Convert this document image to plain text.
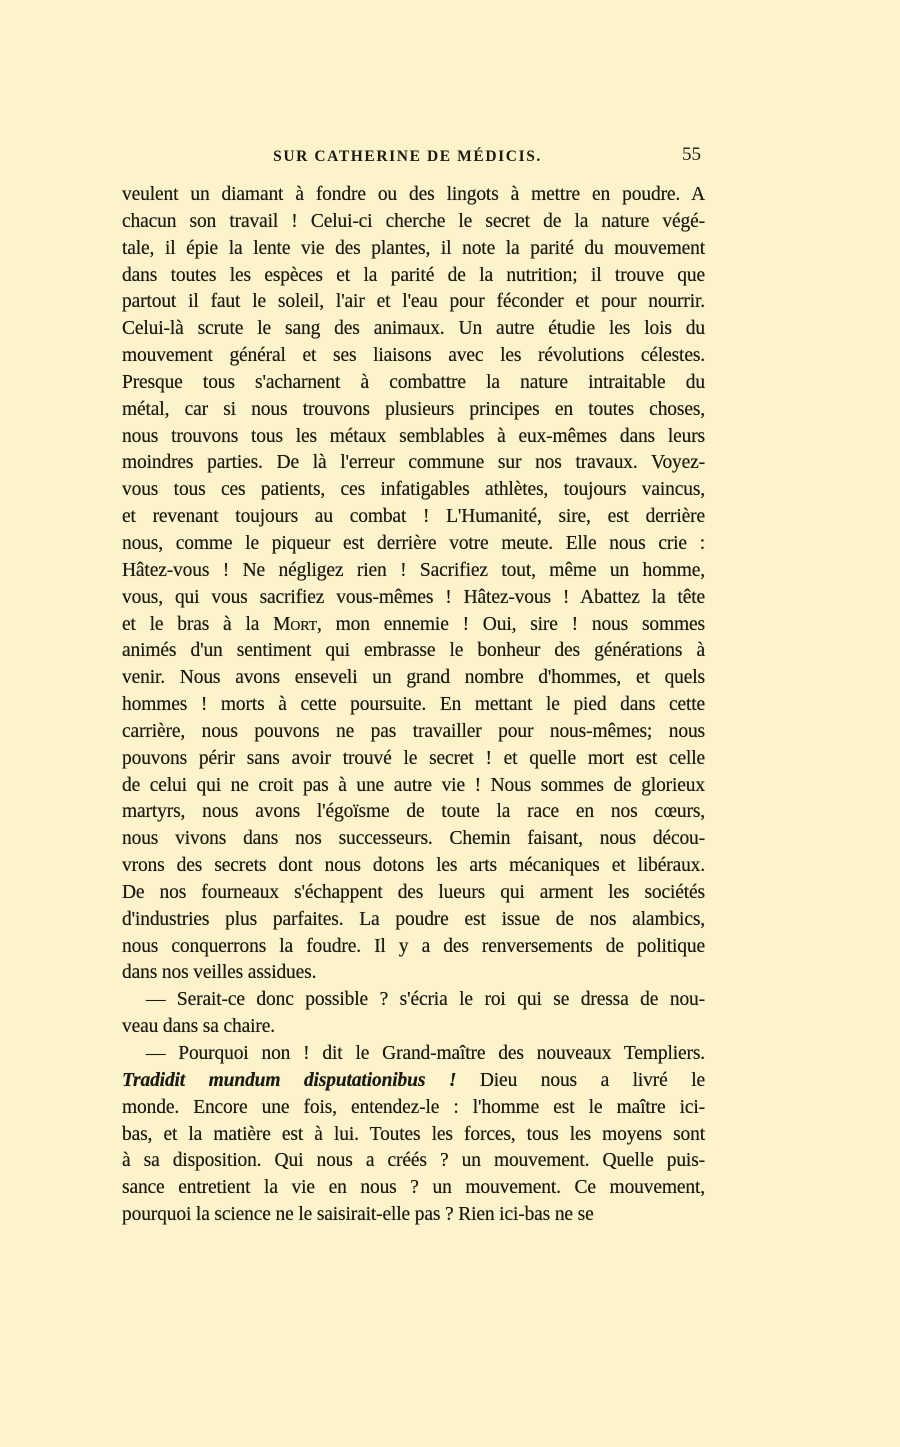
SUR CATHERINE DE MÉDICIS.	55
veulent un diamant à fondre ou des lingots à mettre en poudre. A
chacun son travail ! Celui-ci cherche le secret de la nature végé-
tale, il épie la lente vie des plantes, il note la parité du mouvement
dans toutes les espèces et la parité de la nutrition; il trouve que
partout il faut le soleil, l'air et l'eau pour féconder et pour nourrir.
Celui-là scrute le sang des animaux. Un autre étudie les lois du
mouvement général et ses liaisons avec les révolutions célestes.
Presque tous s'acharnent à combattre la nature intraitable du
métal, car si nous trouvons plusieurs principes en toutes choses,
nous trouvons tous les métaux semblables à eux-mêmes dans leurs
moindres parties. De là l'erreur commune sur nos travaux. Voyez-
vous tous ces patients, ces infatigables athlètes, toujours vaincus,
et revenant toujours au combat ! L'Humanité, sire, est derrière
nous, comme le piqueur est derrière votre meute. Elle nous crie :
Hâtez-vous ! Ne négligez rien ! Sacrifiez tout, même un homme,
vous, qui vous sacrifiez vous-mêmes ! Hâtez-vous ! Abattez la tête
et le bras à la Mort, mon ennemie ! Oui, sire ! nous sommes
animés d'un sentiment qui embrasse le bonheur des générations à
venir. Nous avons enseveli un grand nombre d'hommes, et quels
hommes ! morts à cette poursuite. En mettant le pied dans cette
carrière, nous pouvons ne pas travailler pour nous-mêmes; nous
pouvons périr sans avoir trouvé le secret ! et quelle mort est celle
de celui qui ne croit pas à une autre vie ! Nous sommes de glorieux
martyrs, nous avons l'égoïsme de toute la race en nos cœurs,
nous vivons dans nos successeurs. Chemin faisant, nous décou-
vrons des secrets dont nous dotons les arts mécaniques et libéraux.
De nos fourneaux s'échappent des lueurs qui arment les sociétés
d'industries plus parfaites. La poudre est issue de nos alambics,
nous conquerrons la foudre. Il y a des renversements de politique
dans nos veilles assidues.
— Serait-ce donc possible ? s'écria le roi qui se dressa de nou-
veau dans sa chaire.
— Pourquoi non ! dit le Grand-maître des nouveaux Templiers.
Tradidit mundum disputationibus ! Dieu nous a livré le
monde. Encore une fois, entendez-le : l'homme est le maître ici-
bas, et la matière est à lui. Toutes les forces, tous les moyens sont
à sa disposition. Qui nous a créés ? un mouvement. Quelle puis-
sance entretient la vie en nous ? un mouvement. Ce mouvement,
pourquoi la science ne le saisirait-elle pas ? Rien ici-bas ne se
